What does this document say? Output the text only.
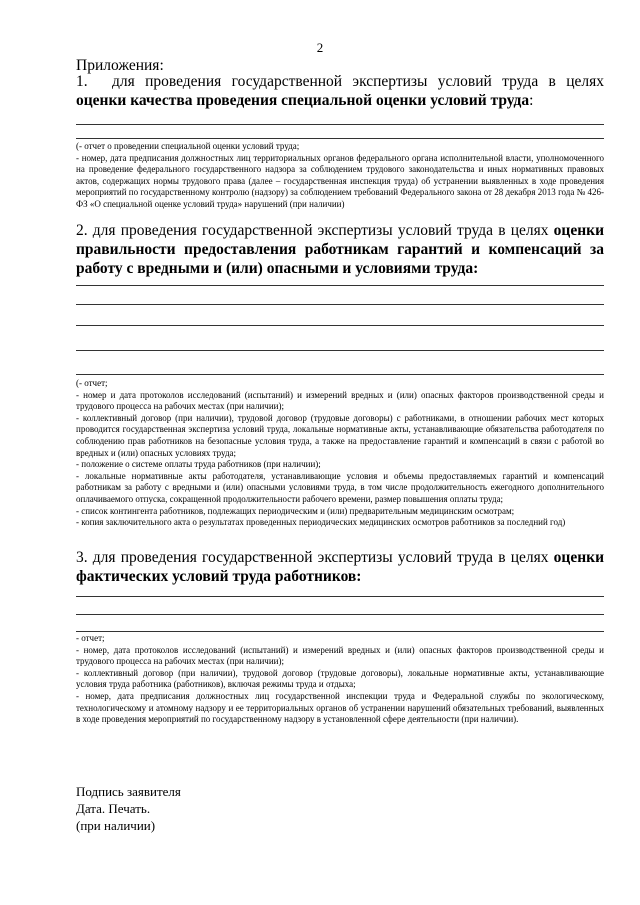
2
Приложения:
1. для проведения государственной экспертизы условий труда в целях оценки качества проведения специальной оценки условий труда:

(- отчет о проведении специальной оценки условий труда;

- номер, дата предписания должностных лиц территориальных органов федерального органа исполнительной власти, уполномоченного на проведение федерального государственного надзора за соблюдением трудового законодательства и иных нормативных правовых актов, содержащих нормы трудового права (далее – государственная инспекция труда) об устранении выявленных в ходе проведения мероприятий по государственному контролю (надзору) за соблюдением требований Федерального закона от 28 декабря 2013 года № 426-ФЗ «О специальной оценке условий труда» нарушений (при наличии)

2. для проведения государственной экспертизы условий труда в целях оценки правильности предоставления работникам гарантий и компенсаций за работу с вредными и (или) опасными и условиями труда:

(- отчет;

- номер и дата протоколов исследований (испытаний) и измерений вредных и (или) опасных факторов производственной среды и трудового процесса на рабочих местах (при наличии);

- коллективный договор (при наличии), трудовой договор (трудовые договоры) с работниками, в отношении рабочих мест которых проводится государственная экспертиза условий труда, локальные нормативные акты, устанавливающие обязательства работодателя по соблюдению прав работников на безопасные условия труда, а также на предоставление гарантий и компенсаций в связи с работой во вредных и (или) опасных условиях труда;

- положение о системе оплаты труда работников (при наличии);

- локальные нормативные акты работодателя, устанавливающие условия и объемы предоставляемых гарантий и компенсаций работникам за работу с вредными и (или) опасными условиями труда, в том числе продолжительность ежегодного дополнительного оплачиваемого отпуска, сокращенной продолжительности рабочего времени, размер повышения оплаты труда;

- список контингента работников, подлежащих периодическим и (или) предварительным медицинским осмотрам;

- копия заключительного акта о результатах проведенных периодических медицинских осмотров работников за последний год)

3. для проведения государственной экспертизы условий труда в целях оценки фактических условий труда работников:

- отчет;

- номер, дата протоколов исследований (испытаний) и измерений вредных и (или) опасных факторов производственной среды и трудового процесса на рабочих местах (при наличии);

- коллективный договор (при наличии), трудовой договор (трудовые договоры), локальные нормативные акты, устанавливающие условия труда работника (работников), включая режимы труда и отдыха;

- номер, дата предписания должностных лиц государственной инспекции труда и Федеральной службы по экологическому, технологическому и атомному надзору и ее территориальных органов об устранении нарушений обязательных требований, выявленных в ходе проведения мероприятий по государственному надзору в установленной сфере деятельности (при наличии).

Подпись заявителя

Дата. Печать.

(при наличии)
